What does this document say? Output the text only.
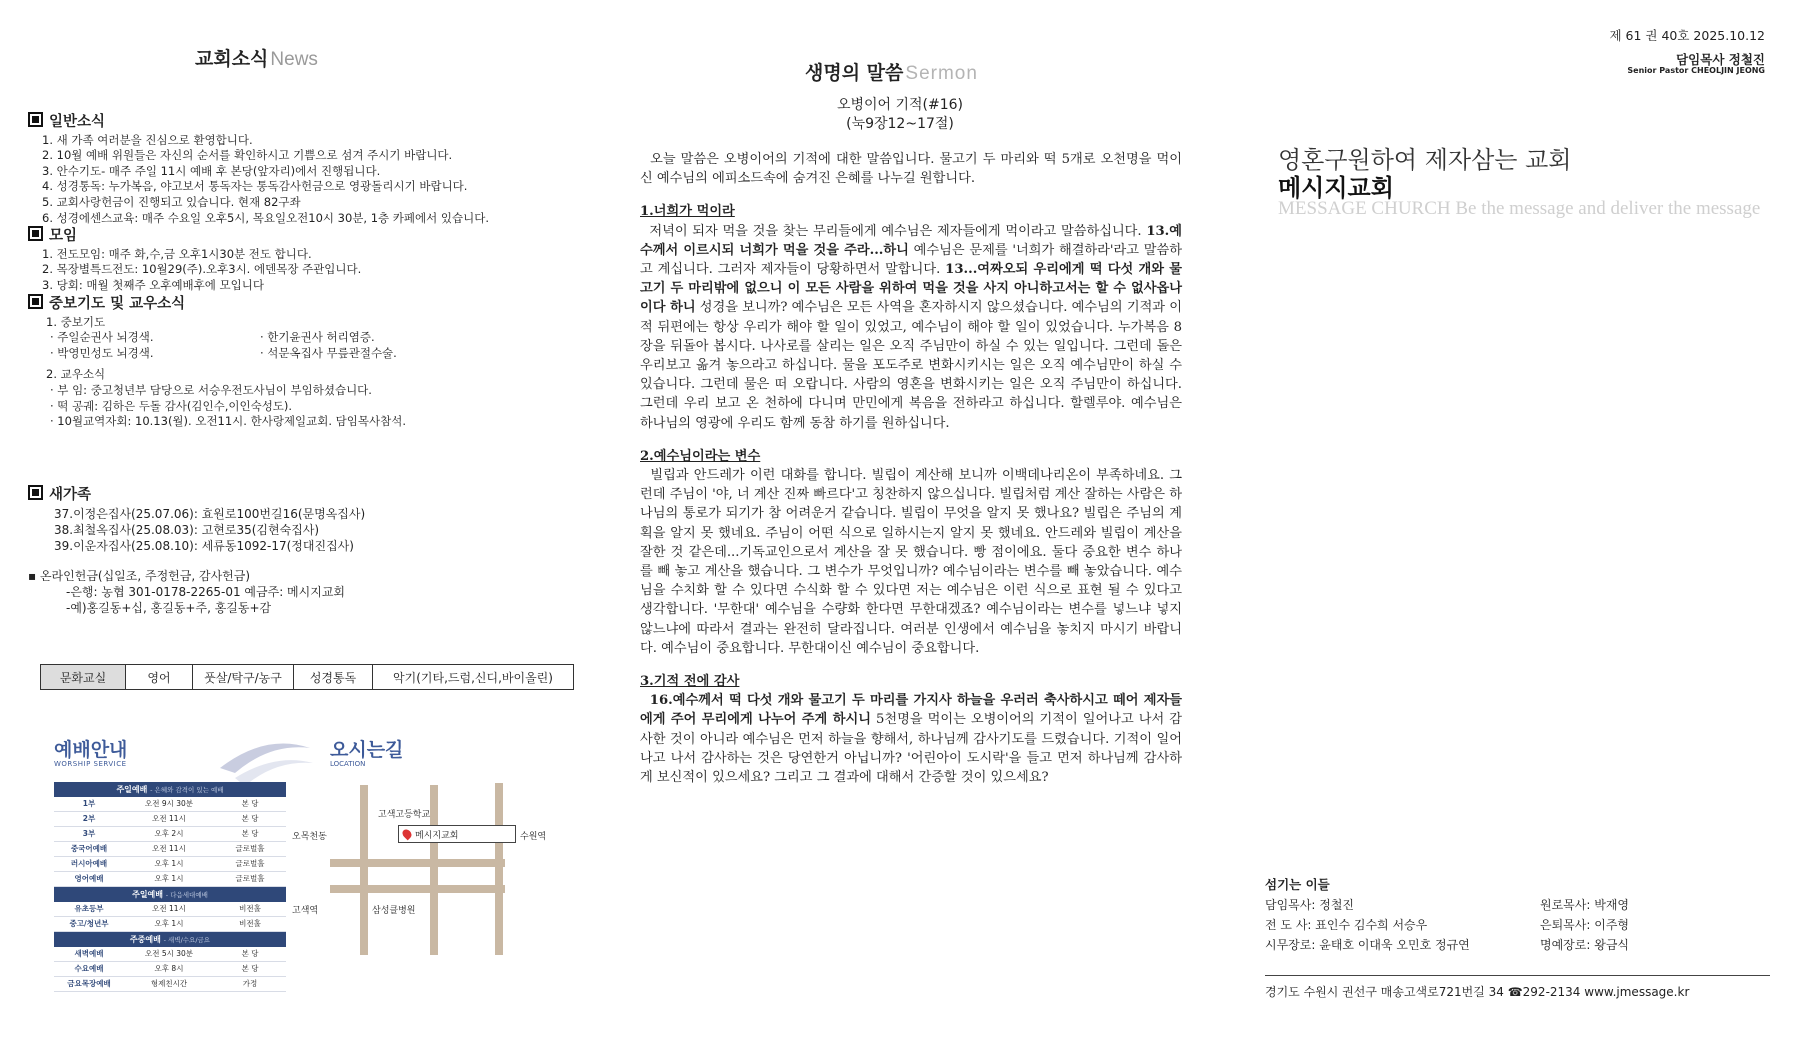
교회소식 News
일반소식
1. 새 가족 여러분을 진심으로 환영합니다.
2. 10월 예배 위원들은 자신의 순서를 확인하시고 기쁨으로 섬겨 주시기 바랍니다.
3. 안수기도- 매주 주일 11시 예배 후 본당(앞자리)에서 진행됩니다.
4. 성경통독: 누가복음, 야고보서 통독자는 통독감사헌금으로 영광돌리시기 바랍니다.
5. 교회사랑헌금이 진행되고 있습니다. 현재 82구좌
6. 성경에센스교육: 매주 수요일 오후5시, 목요일오전10시 30분, 1층 카페에서 있습니다.
모임
1. 전도모임: 매주 화,수,금 오후1시30분 전도 합니다.
2. 목장별특드전도: 10월29(주).오후3시. 에덴목장 주관입니다.
3. 당회: 매월 첫째주 오후예배후에 모입니다
중보기도 및 교우소식
1. 중보기도
· 주일순권사 뇌경색.	· 한기윤권사 허리염증.
· 박영민성도 뇌경색.	· 석문옥집사 무릎관절수술.
2. 교우소식
· 부 임: 중고청년부 담당으로 서승우전도사님이 부임하셨습니다.
· 떡 공궤: 김하은 두돌 감사(김인수,이인숙성도).
· 10월교역자회: 10.13(월). 오전11시. 한사랑제일교회. 담임목사참석.
새가족
37.이정은집사(25.07.06): 효원로100번길16(문명옥집사)
38.최철옥집사(25.08.03): 고현로35(김현숙집사)
39.이운자집사(25.08.10): 세류동1092-17(정대진집사)
▪ 온라인헌금(십일조, 주정헌금, 감사헌금)
-은행: 농협 301-0178-2265-01 예금주: 메시지교회
-예)홍길동+십, 홍길동+주, 홍길동+감
문화교실	영어	풋살/탁구/농구	성경통독	악기(기타,드럼,신디,바이올린)
예배안내
WORSHIP SERVICE
주일예배 - 은혜와 감격이 있는 예배
1부	오전 9시 30분	본 당
2부	오전 11시	본 당
3부	오후 2시	본 당
중국어예배	오전 11시	글로벌홀
러시아예배	오후 1시	글로벌홀
영어예배	오후 1시	글로벌홀
주일예배 - 다음세대예배
유초등부	오전 11시	비전홀
중고/청년부	오후 1시	비전홀
주중예배 - 새벽/수요/금요
새벽예배	오전 5시 30분	본 당
수요예배	오후 8시	본 당
금요목장예배	형제친시간	가정
오시는길
LOCATION
고색고등학교
메시지교회
오목천동	수원역
고색역	삼성클병원
생명의 말씀 Sermon
오병이어 기적(#16)
(눅9장12~17절)

오늘 말씀은 오병이어의 기적에 대한 말씀입니다. 물고기 두 마리와 떡 5개로 오천명을 먹이신 예수님의 에피소드속에 숨겨진 은혜를 나누길 원합니다.

1.너희가 먹이라
저녁이 되자 먹을 것을 찾는 무리들에게 예수님은 제자들에게 먹이라고 말씀하십니다. 13.예수께서 이르시되 너희가 먹을 것을 주라...하니 예수님은 문제를 '너희가 해결하라'라고 말씀하고 계십니다. 그러자 제자들이 당황하면서 말합니다. 13...여짜오되 우리에게 떡 다섯 개와 물고기 두 마리밖에 없으니 이 모든 사람을 위하여 먹을 것을 사지 아니하고서는 할 수 없사옵나이다 하니 성경을 보니까? 예수님은 모든 사역을 혼자하시지 않으셨습니다. 예수님의 기적과 이적 뒤편에는 항상 우리가 해야 할 일이 있었고, 예수님이 해야 할 일이 있었습니다. 누가복음 8장을 뒤돌아 봅시다. 나사로를 살리는 일은 오직 주님만이 하실 수 있는 일입니다. 그런데 돌은 우리보고 옮겨 놓으라고 하십니다. 물을 포도주로 변화시키시는 일은 오직 예수님만이 하실 수 있습니다. 그런데 물은 떠 오랍니다. 사람의 영혼을 변화시키는 일은 오직 주님만이 하십니다. 그런데 우리 보고 온 천하에 다니며 만민에게 복음을 전하라고 하십니다. 할렐루야. 예수님은 하나님의 영광에 우리도 함께 동참 하기를 원하십니다.

2.예수님이라는 변수
빌립과 안드레가 이런 대화를 합니다. 빌립이 계산해 보니까 이백데나리온이 부족하네요. 그런데 주님이 '야, 너 계산 진짜 빠르다'고 칭찬하지 않으십니다. 빌립처럼 계산 잘하는 사람은 하나님의 통로가 되기가 참 어려운거 같습니다. 빌립이 무엇을 알지 못 했나요? 빌립은 주님의 계획을 알지 못 했네요. 주님이 어떤 식으로 일하시는지 알지 못 했네요. 안드레와 빌립이 계산을 잘한 것 같은데...기독교인으로서 계산을 잘 못 했습니다. 빵 점이에요. 둘다 중요한 변수 하나를 빼 놓고 계산을 했습니다. 그 변수가 무엇입니까? 예수님이라는 변수를 빼 놓았습니다. 예수님을 수치화 할 수 있다면 수식화 할 수 있다면 저는 예수님은 이런 식으로 표현 될 수 있다고 생각합니다. '무한대' 예수님을 수량화 한다면 무한대겠죠? 예수님이라는 변수를 넣느냐 넣지 않느냐에 따라서 결과는 완전히 달라집니다. 여러분 인생에서 예수님을 놓치지 마시기 바랍니다. 예수님이 중요합니다. 무한대이신 예수님이 중요합니다.

3.기적 전에 감사
16.예수께서 떡 다섯 개와 물고기 두 마리를 가지사 하늘을 우러러 축사하시고 떼어 제자들에게 주어 무리에게 나누어 주게 하시니 5천명을 먹이는 오병이어의 기적이 일어나고 나서 감사한 것이 아니라 예수님은 먼저 하늘을 향해서, 하나님께 감사기도를 드렸습니다. 기적이 일어나고 나서 감사하는 것은 당연한거 아닙니까? '어린아이 도시락'을 들고 먼저 하나님께 감사하게 보신적이 있으세요? 그리고 그 결과에 대해서 간증할 것이 있으세요?

제 61 권 40호 2025.10.12
담임목사 정철진
Senior Pastor CHEOLJIN JEONG
영혼구원하여 제자삼는 교회
메시지교회
MESSAGE CHURCH Be the message and deliver the message
섬기는 이들
담임목사: 정철진	원로목사: 박재영
전 도 사: 표인수 김수희 서승우	은퇴목사: 이주형
시무장로: 윤태호 이대욱 오민호 정규연	명예장로: 왕금식
경기도 수원시 권선구 매송고색로721번길 34 ☎292-2134 www.jmessage.kr
